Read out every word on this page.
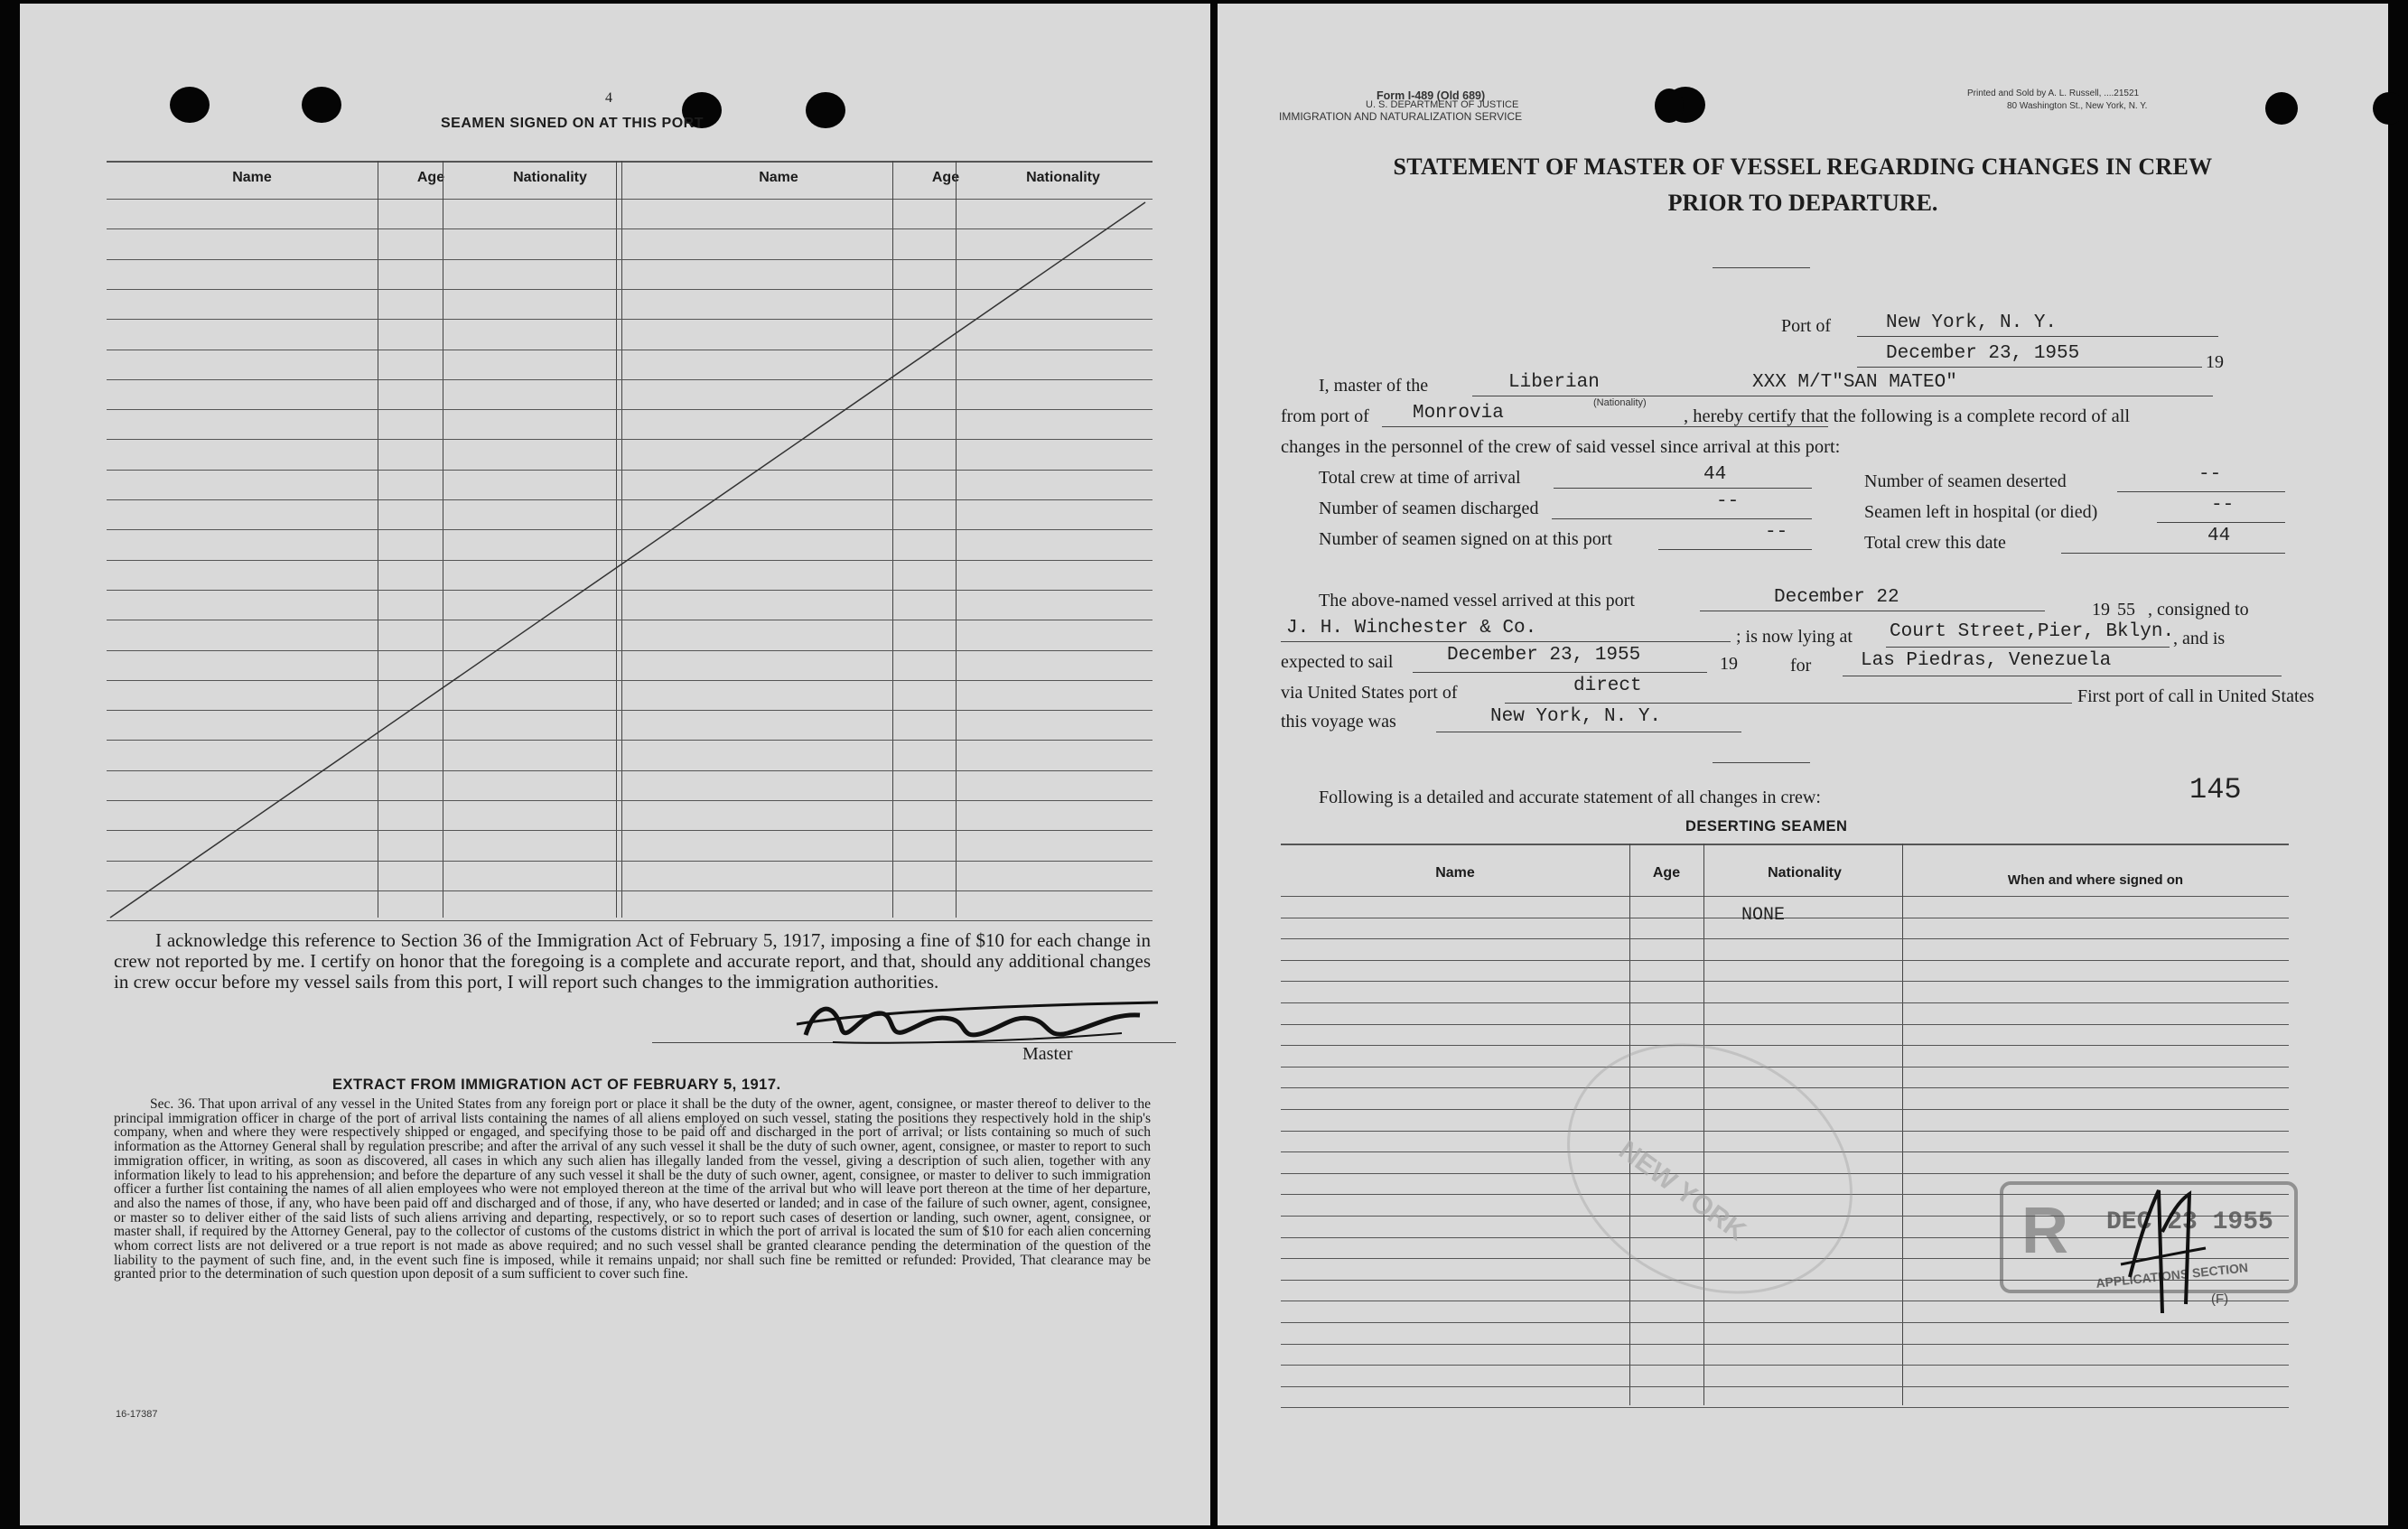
4
SEAMEN SIGNED ON AT THIS PORT
Name	Age	Nationality	Name	Age	Nationality
I acknowledge this reference to Section 36 of the Immigration Act of February 5, 1917, imposing a fine of $10 for each change in crew not reported by me. I certify on honor that the foregoing is a complete and accurate report, and that, should any additional changes in crew occur before my vessel sails from this port, I will report such changes to the immigration authorities.
Master
EXTRACT FROM IMMIGRATION ACT OF FEBRUARY 5, 1917.
Sec. 36. That upon arrival of any vessel in the United States from any foreign port or place it shall be the duty of the owner, agent, consignee, or master thereof to deliver to the principal immigration officer in charge of the port of arrival lists containing the names of all aliens employed on such vessel, stating the positions they respectively hold in the ship's company, when and where they were respectively shipped or engaged, and specifying those to be paid off and discharged in the port of arrival; or lists containing so much of such information as the Attorney General shall by regulation prescribe; and after the arrival of any such vessel it shall be the duty of such owner, agent, consignee, or master to report to such immigration officer, in writing, as soon as discovered, all cases in which any such alien has illegally landed from the vessel, giving a description of such alien, together with any information likely to lead to his apprehension; and before the departure of any such vessel it shall be the duty of such owner, agent, consignee, or master to deliver to such immigration officer a further list containing the names of all alien employees who were not employed thereon at the time of the arrival but who will leave port thereon at the time of her departure, and also the names of those, if any, who have been paid off and discharged and of those, if any, who have deserted or landed; and in case of the failure of such owner, agent, consignee, or master so to deliver either of the said lists of such aliens arriving and departing, respectively, or so to report such cases of desertion or landing, such owner, agent, consignee, or master shall, if required by the Attorney General, pay to the collector of customs of the customs district in which the port of arrival is located the sum of $10 for each alien concerning whom correct lists are not delivered or a true report is not made as above required; and no such vessel shall be granted clearance pending the determination of the question of the liability to the payment of such fine, and, in the event such fine is imposed, while it remains unpaid; nor shall such fine be remitted or refunded: Provided, That clearance may be granted prior to the determination of such question upon deposit of a sum sufficient to cover such fine.
16-17387
Form I-489 (Old 689)
U. S. DEPARTMENT OF JUSTICE
IMMIGRATION AND NATURALIZATION SERVICE
Printed and Sold by A. L. Russell, ....21521
80 Washington St., New York, N. Y.
STATEMENT OF MASTER OF VESSEL REGARDING CHANGES IN CREW
PRIOR TO DEPARTURE.
Port of	New York, N. Y.
December 23, 1955	19
I, master of the	Liberian
(Nationality)
XXX M/T"SAN MATEO"
from port of Monrovia	, hereby certify that the following is a complete record of all
changes in the personnel of the crew of said vessel since arrival at this port:
Total crew at time of arrival	44	Number of seamen deserted	--
Number of seamen discharged	--	Seamen left in hospital (or died)	--
Number of seamen signed on at this port	--	Total crew this date	44
The above-named vessel arrived at this port	December 22
19 55 , consigned to
J. H. Winchester & Co.	; is now lying at Court Street,Pier, Bklyn.
, and is
expected to sail	December 23, 1955	19	for	Las Piedras, Venezuela
via United States port of	direct	First port of call in United States
this voyage was	New York, N. Y.
Following is a detailed and accurate statement of all changes in crew:	145
DESERTING SEAMEN
Name	Age	Nationality	When and where signed on
NONE
NEW YORK	R DEC 23 1955
APPLICATIONS SECTION
(F)
